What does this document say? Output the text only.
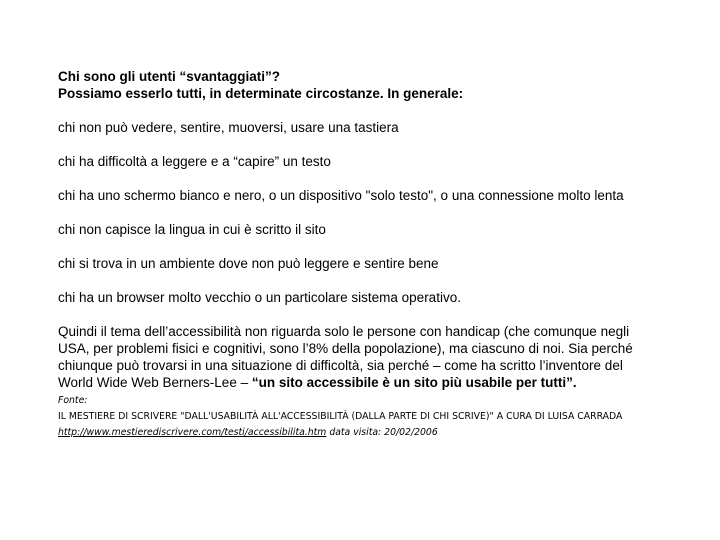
Chi sono gli utenti “svantaggiati”?
Possiamo esserlo tutti, in determinate circostanze. In generale:

chi non può vedere, sentire, muoversi, usare una tastiera

chi ha difficoltà a leggere e a “capire” un testo

chi ha uno schermo bianco e nero, o un dispositivo "solo testo", o una connessione molto lenta

chi non capisce la lingua in cui è scritto il sito

chi si trova in un ambiente dove non può leggere e sentire bene

chi ha un browser molto vecchio o un particolare sistema operativo.

Quindi il tema dell’accessibilità non riguarda solo le persone con handicap (che comunque negli USA, per problemi fisici e cognitivi, sono l’8% della popolazione), ma ciascuno di noi. Sia perché chiunque può trovarsi in una situazione di difficoltà, sia perché – come ha scritto l’inventore del World Wide Web Berners-Lee – “un sito accessibile è un sito più usabile per tutti”.

Fonte:
IL MESTIERE DI SCRIVERE "DALL'USABILITÀ ALL'ACCESSIBILITÀ (DALLA PARTE DI CHI SCRIVE)" A CURA DI LUISA CARRADA
http://www.mestierediscrivere.com/testi/accessibilita.htm data visita: 20/02/2006
